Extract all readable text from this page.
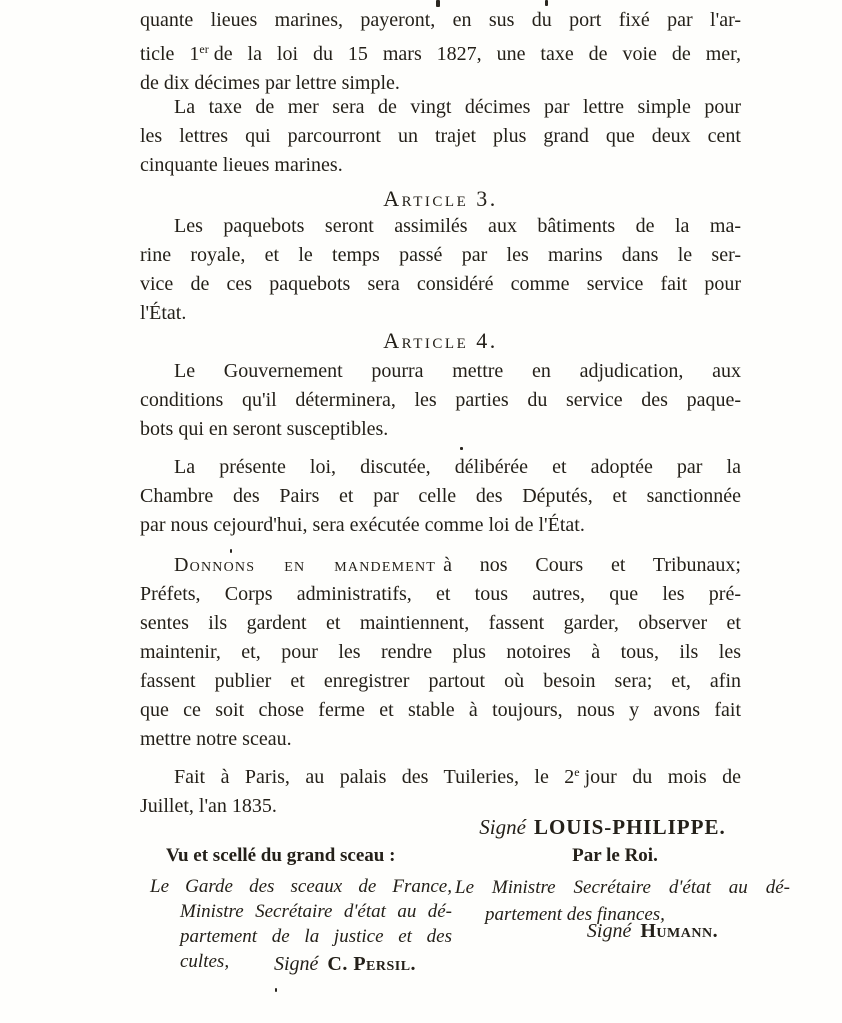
quante lieues marines, payeront, en sus du port fixé par l'ar-
ticle 1er de la loi du 15 mars 1827, une taxe de voie de mer,
de dix décimes par lettre simple.
La taxe de mer sera de vingt décimes par lettre simple pour
les lettres qui parcourront un trajet plus grand que deux cent
cinquante lieues marines.
Article 3.
Les paquebots seront assimilés aux bâtiments de la ma-
rine royale, et le temps passé par les marins dans le ser-
vice de ces paquebots sera considéré comme service fait pour
l'État.
Article 4.
Le Gouvernement pourra mettre en adjudication, aux
conditions qu'il déterminera, les parties du service des paque-
bots qui en seront susceptibles.
La présente loi, discutée, délibérée et adoptée par la
Chambre des Pairs et par celle des Députés, et sanctionnée
par nous cejourd'hui, sera exécutée comme loi de l'État.
Donnons en mandement à nos Cours et Tribunaux;
Préfets, Corps administratifs, et tous autres, que les pré-
sentes ils gardent et maintiennent, fassent garder, observer et
maintenir, et, pour les rendre plus notoires à tous, ils les
fassent publier et enregistrer partout où besoin sera; et, afin
que ce soit chose ferme et stable à toujours, nous y avons fait
mettre notre sceau.
Fait à Paris, au palais des Tuileries, le 2e jour du mois de
Juillet, l'an 1835.
Signé LOUIS-PHILIPPE.
Vu et scellé du grand sceau :	Par le Roi.
Le Garde des sceaux de France,
Ministre Secrétaire d'état au dé-
partement de la justice et des
cultes,	Signé C. Persil.
Le Ministre Secrétaire d'état au dé-
partement des finances,
Signé Humann.
